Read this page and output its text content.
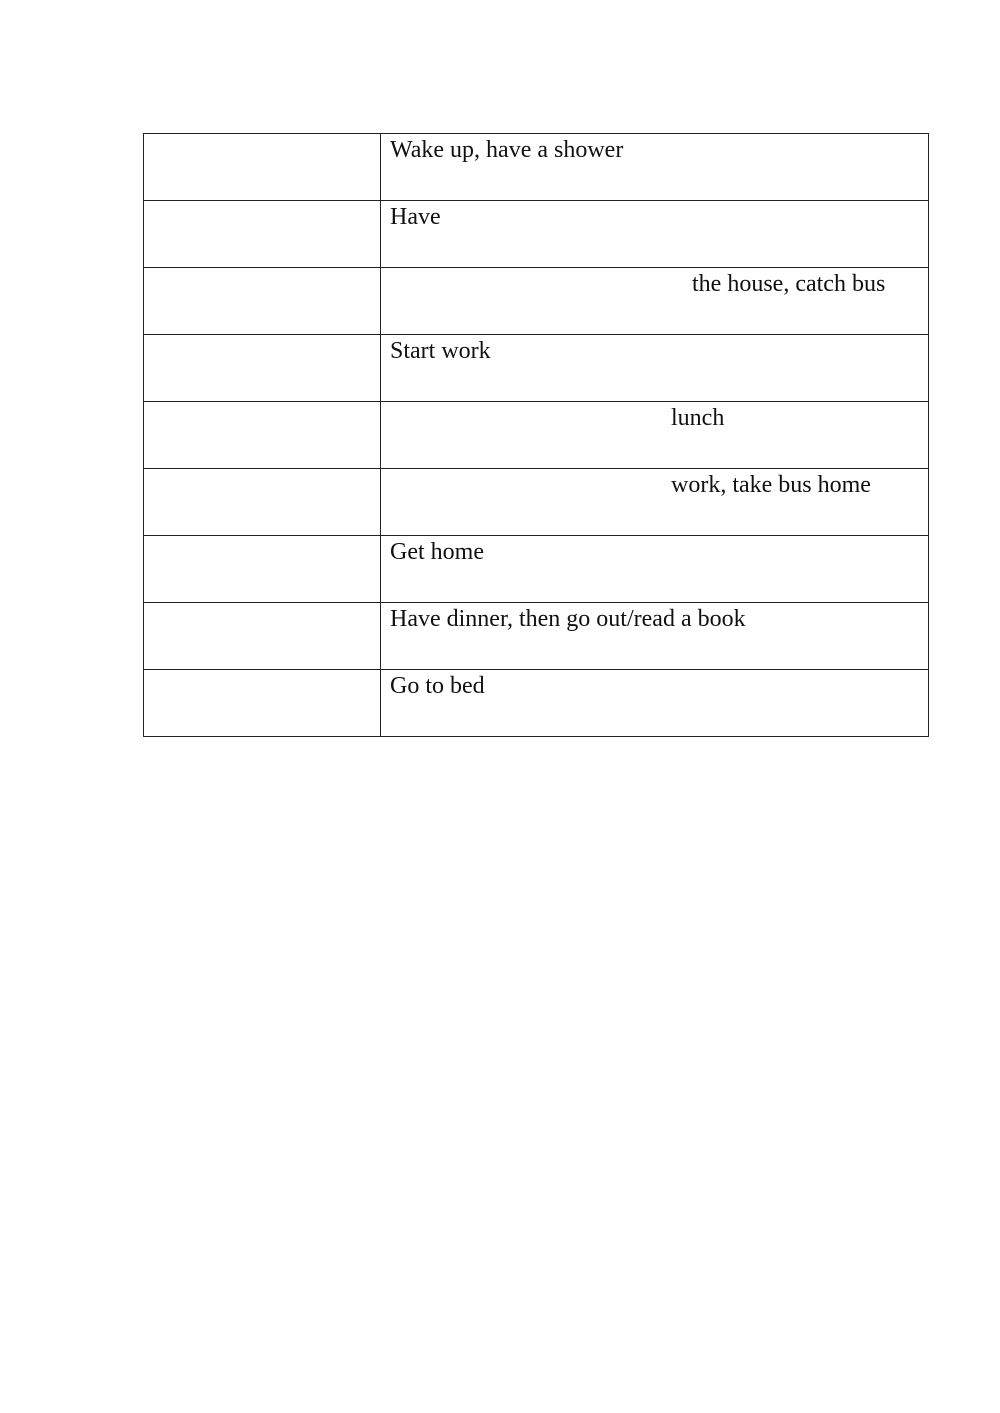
	Wake up, have a shower

	Have

	the house, catch bus

	Start work

	lunch

	work, take bus home

	Get home

	Have dinner, then go out/read a book

	Go to bed
